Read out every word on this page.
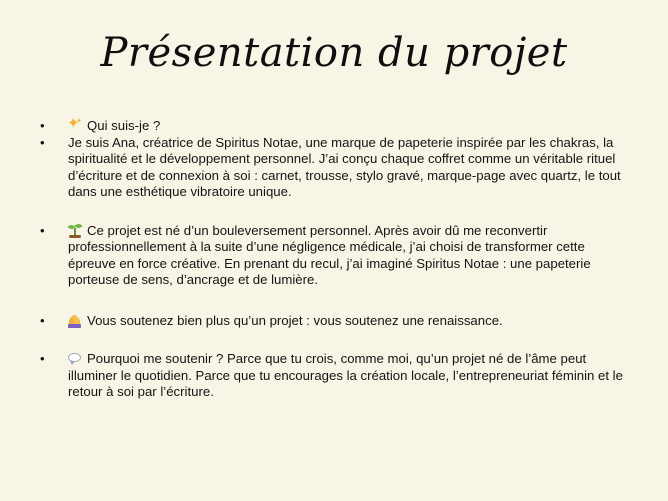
Présentation du projet
•
✦ ✦	Qui suis-je ?
•	Je suis Ana, créatrice de Spiritus Notae, une marque de papeterie inspirée par les chakras, la spiritualité et le développement personnel. J’ai conçu chaque coffret comme un véritable rituel d’écriture et de connexion à soi : carnet, trousse, stylo gravé, marque-page avec quartz, le tout dans une esthétique vibratoire unique.
•	Ce projet est né d’un bouleversement personnel. Après avoir dû me reconvertir professionnellement à la suite d’une négligence médicale, j’ai choisi de transformer cette épreuve en force créative. En prenant du recul, j’ai imaginé Spiritus Notae : une papeterie porteuse de sens, d’ancrage et de lumière.
•	Vous soutenez bien plus qu’un projet : vous soutenez une renaissance.
•	Pourquoi me soutenir ? Parce que tu crois, comme moi, qu’un projet né de l’âme peut illuminer le quotidien. Parce que tu encourages la création locale, l’entrepreneuriat féminin et le retour à soi par l’écriture.
